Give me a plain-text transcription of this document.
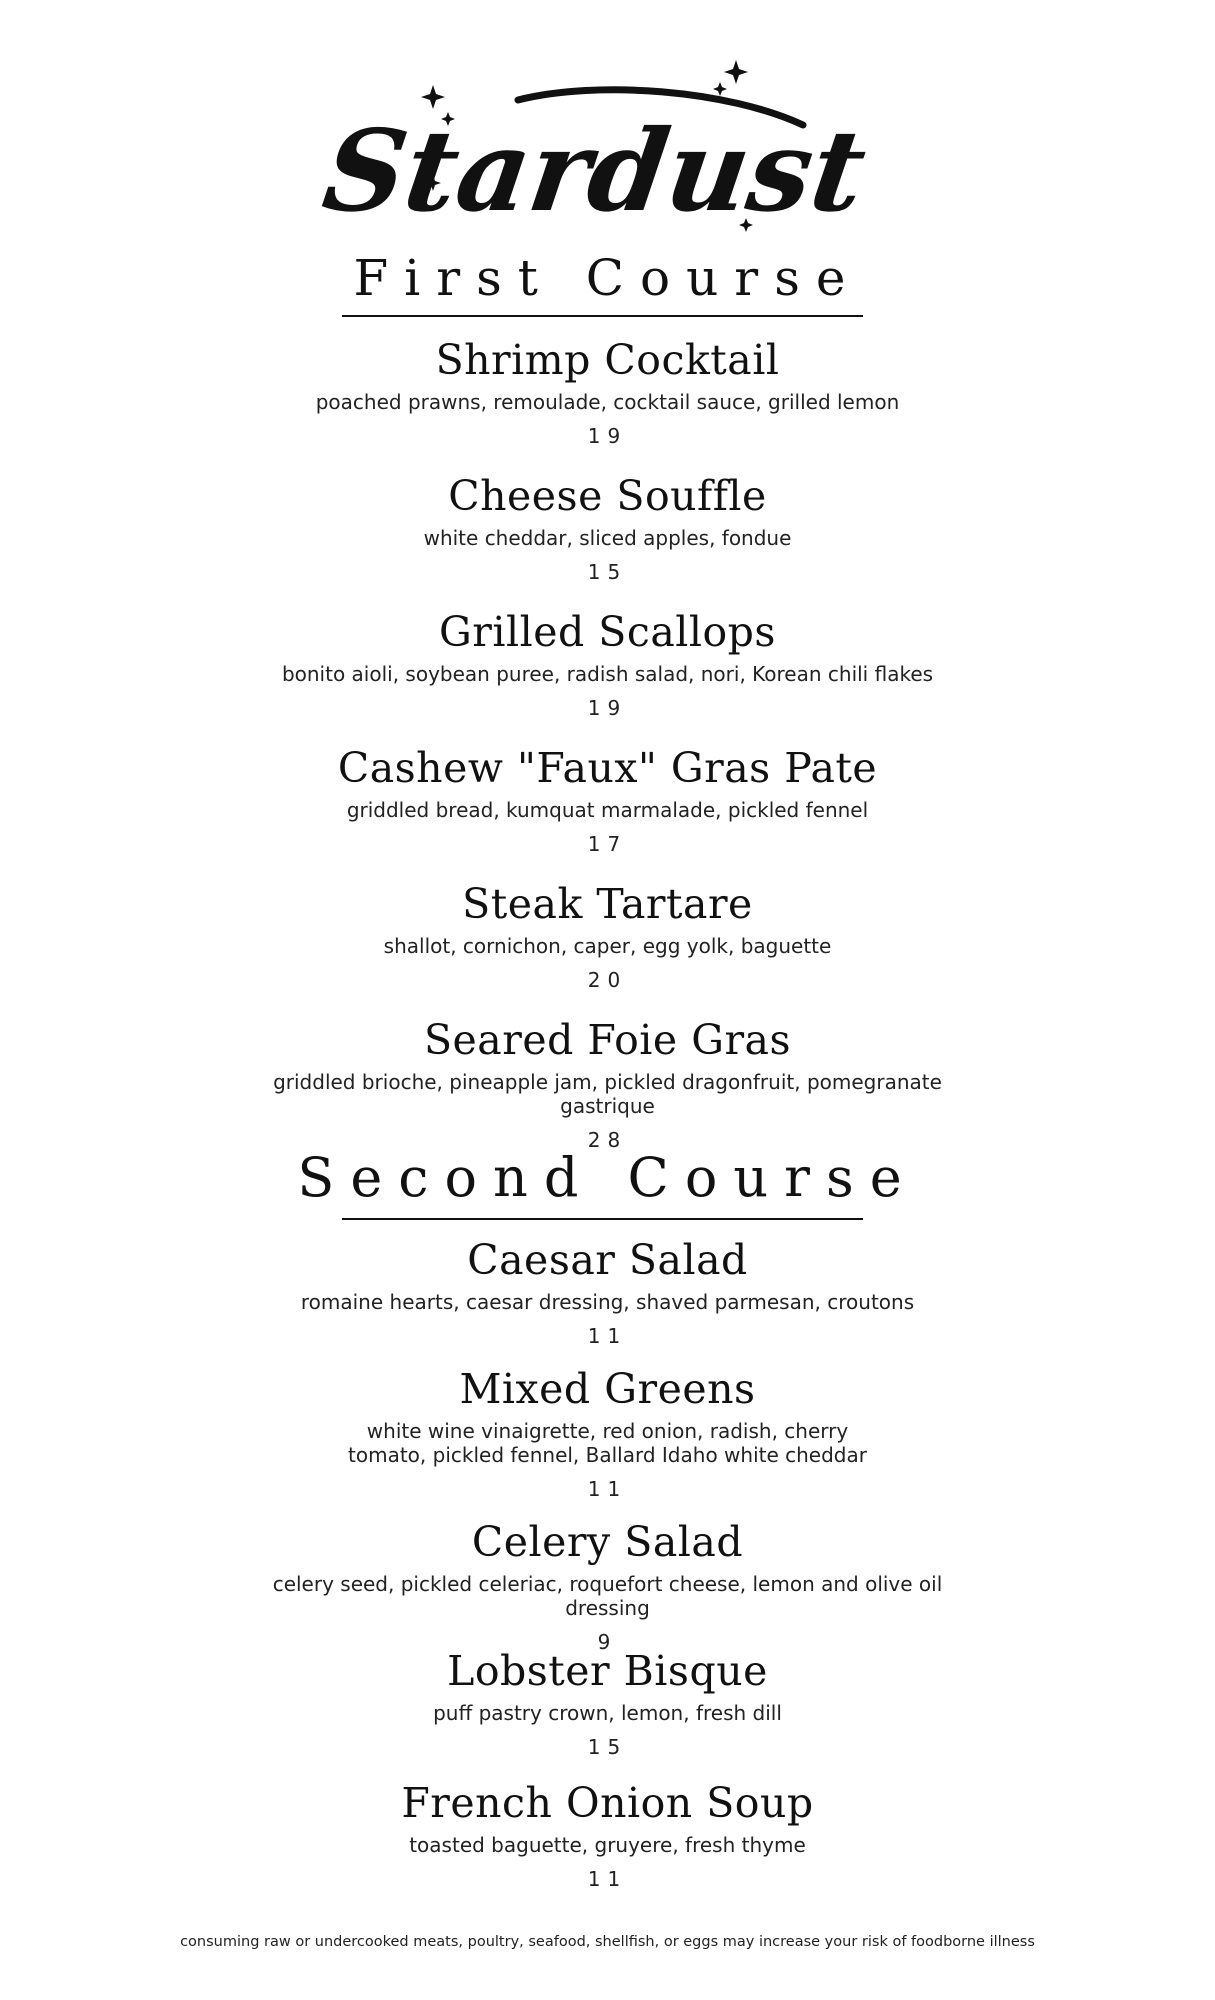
Stardust
First Course
Shrimp Cocktail
poached prawns, remoulade, cocktail sauce, grilled lemon
19
Cheese Souffle
white cheddar, sliced apples, fondue
15
Grilled Scallops
bonito aioli, soybean puree, radish salad, nori, Korean chili flakes
19
Cashew "Faux" Gras Pate
griddled bread, kumquat marmalade, pickled fennel
17
Steak Tartare
shallot, cornichon, caper, egg yolk, baguette
20
Seared Foie Gras
griddled brioche, pineapple jam, pickled dragonfruit, pomegranate gastrique
28
Second Course
Caesar Salad
romaine hearts, caesar dressing, shaved parmesan, croutons
11
Mixed Greens
white wine vinaigrette, red onion, radish, cherry tomato, pickled fennel, Ballard Idaho white cheddar
11
Celery Salad
celery seed, pickled celeriac, roquefort cheese, lemon and olive oil dressing
9
Lobster Bisque
puff pastry crown, lemon, fresh dill
15
French Onion Soup
toasted baguette, gruyere, fresh thyme
11
consuming raw or undercooked meats, poultry, seafood, shellfish, or eggs may increase your risk of foodborne illness
